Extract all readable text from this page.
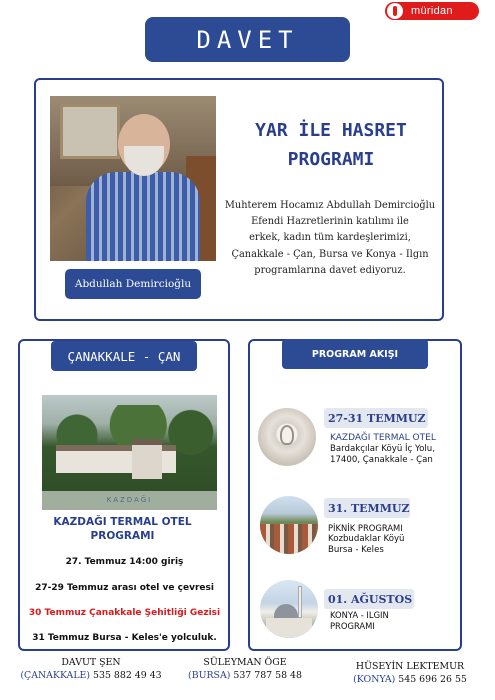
müridan
DAVET
Abdullah Demircioğlu
YAR İLE HASRET
PROGRAMI
Muhterem Hocamız Abdullah Demircioğlu
Efendi Hazretlerinin katılımı ile
erkek, kadın tüm kardeşlerimizi,
Çanakkale - Çan, Bursa ve Konya - Ilgın
programlarına davet ediyoruz.
ÇANAKKALE - ÇAN
KAZDAĞI
KAZDAĞI TERMAL OTEL
PROGRAMI
27. Temmuz 14:00 giriş
27-29 Temmuz arası otel ve çevresi
30 Temmuz Çanakkale Şehitliği Gezisi
31 Temmuz Bursa - Keles'e yolculuk.
PROGRAM AKIŞI
27-31 TEMMUZ
KAZDAĞI TERMAL OTEL
Bardakçılar Köyü İç Yolu,
17400, Çanakkale - Çan
31. TEMMUZ
PİKNİK PROGRAMI
Kozbudaklar Köyü
Bursa - Keles
01. AĞUSTOS
KONYA - ILGIN
PROGRAMI
DAVUT ŞEN
(ÇANAKKALE) 535 882 49 43
SÜLEYMAN ÖGE
(BURSA) 537 787 58 48
HÜSEYİN LEKTEMUR
(KONYA) 545 696 26 55
